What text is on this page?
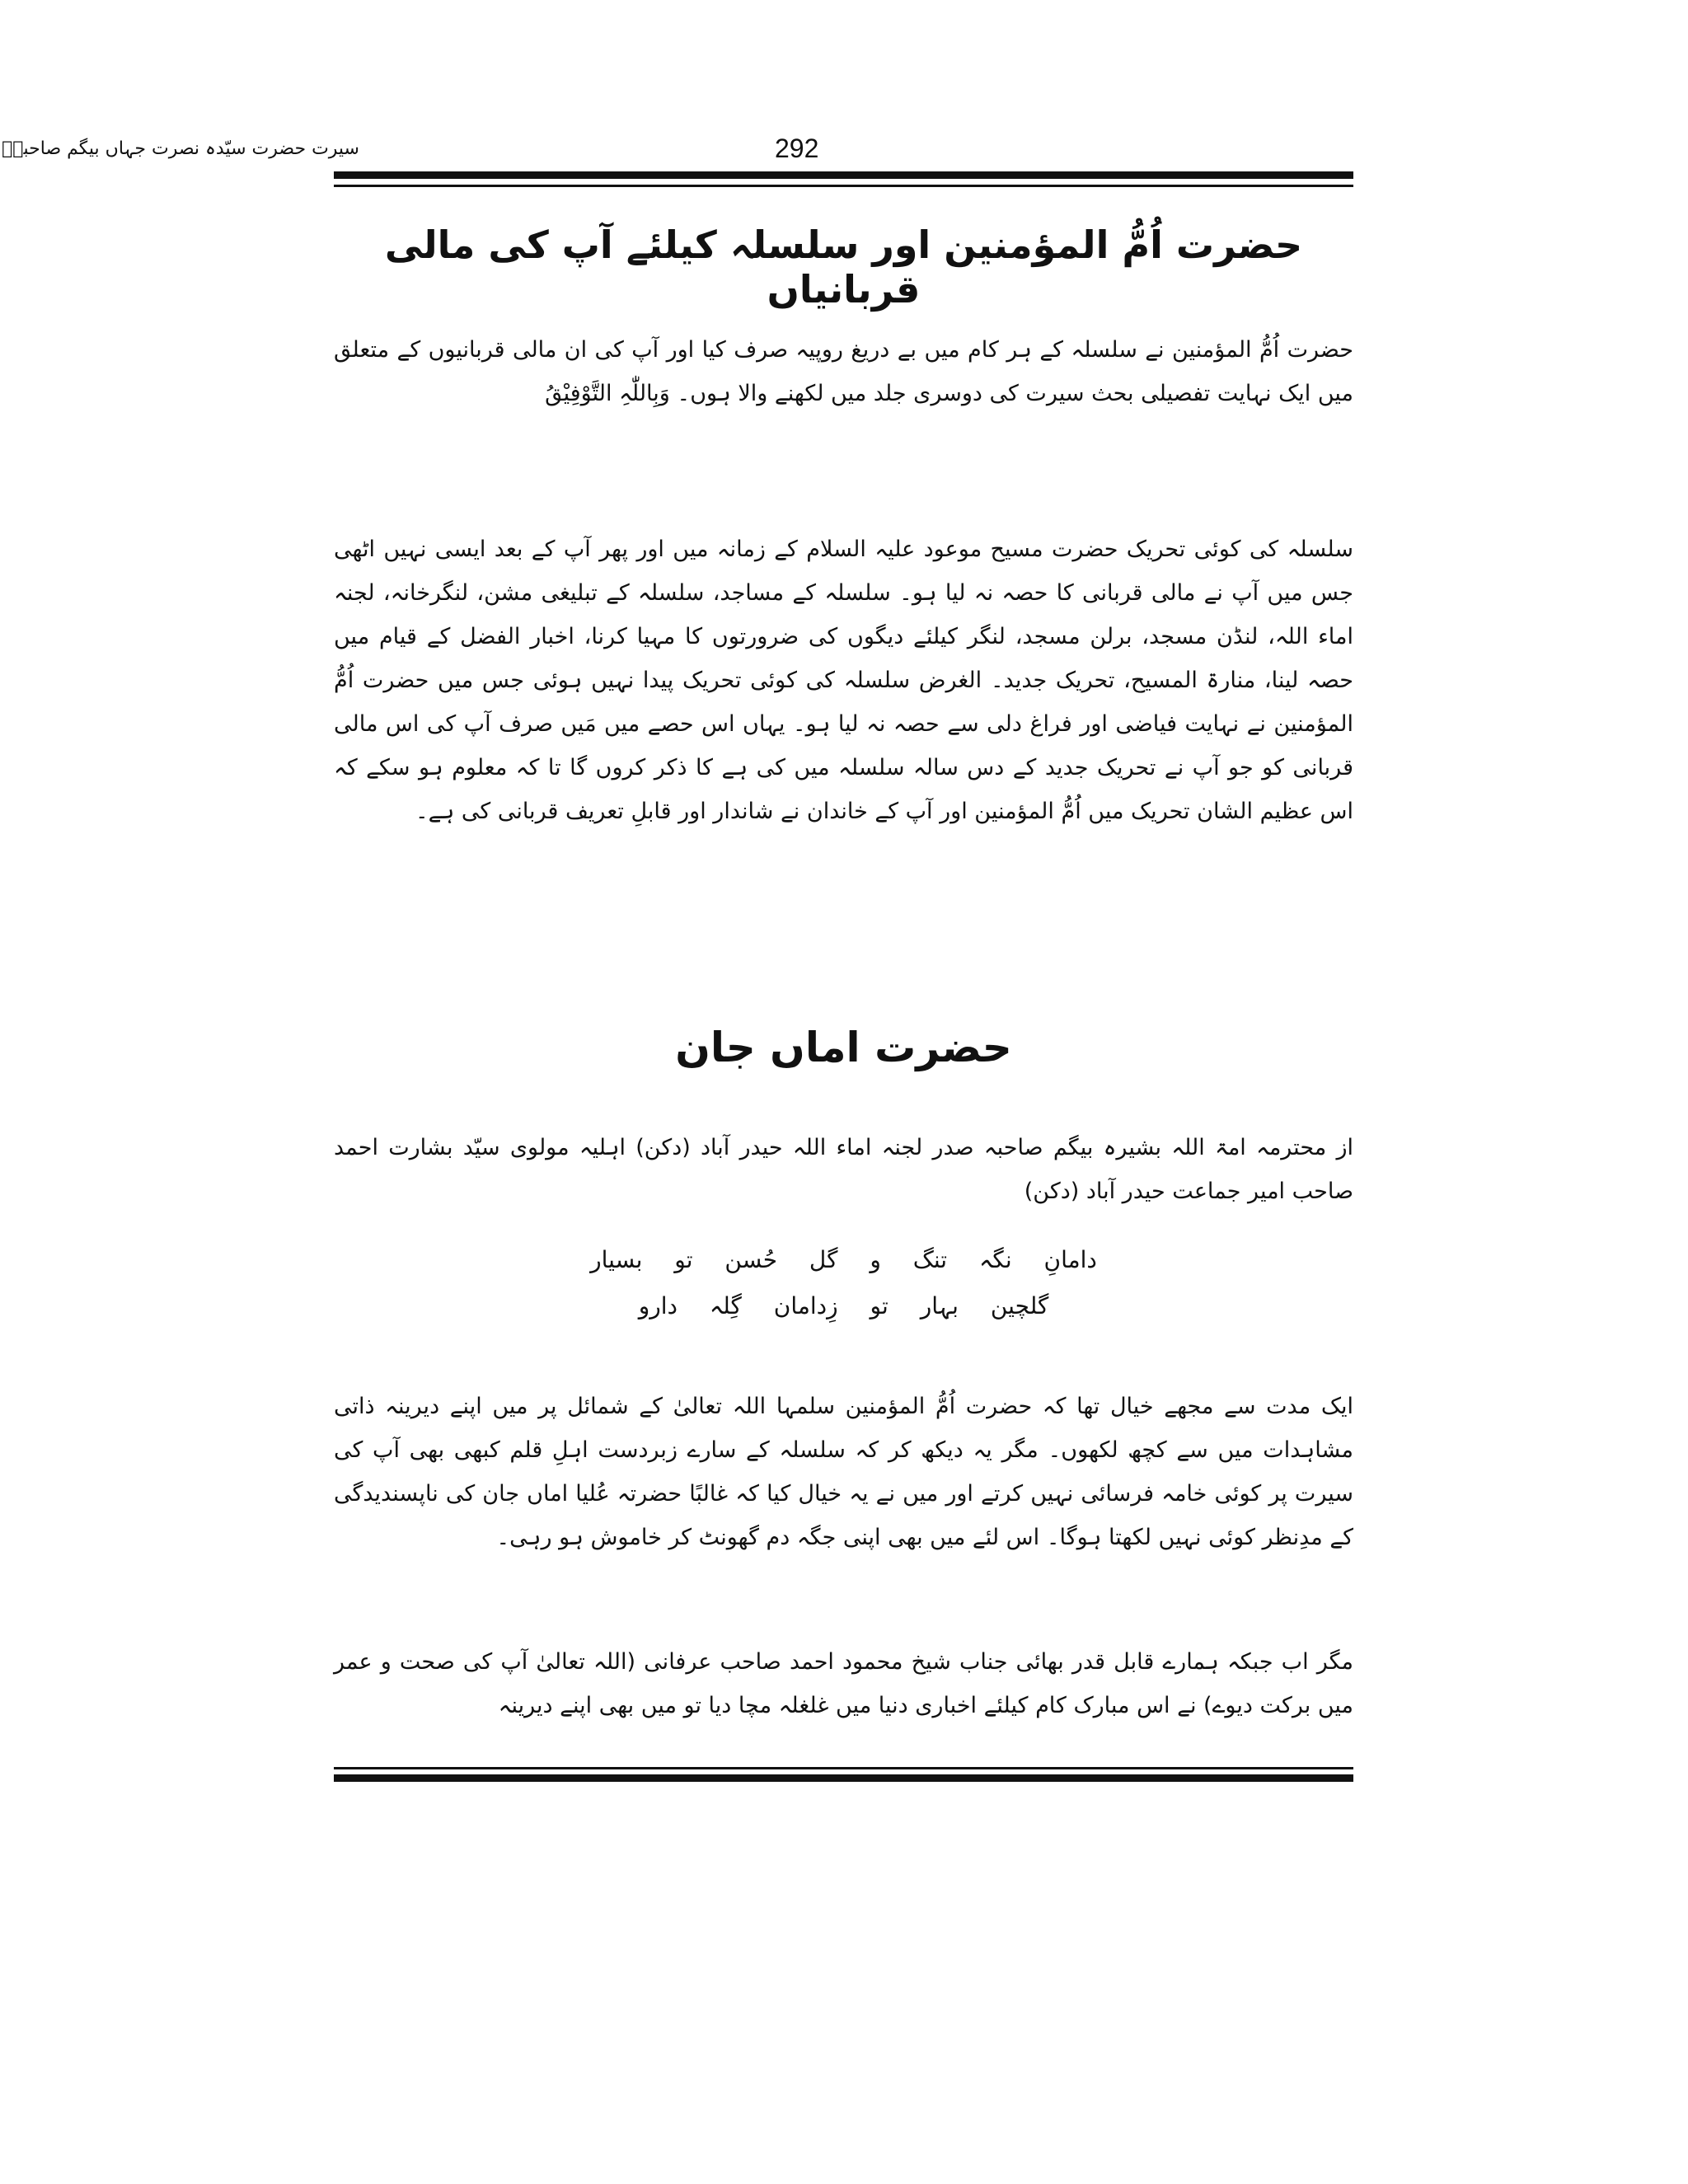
292
سیرت حضرت سیّدہ نصرت جہاں بیگم صاحبہؓ
حضرت اُمُّ المؤمنین اور سلسلہ کیلئے آپ کی مالی قربانیاں

حضرت اُمُّ المؤمنین نے سلسلہ کے ہر کام میں بے دریغ روپیہ صرف کیا اور آپ کی ان مالی قربانیوں کے متعلق میں ایک نہایت تفصیلی بحث سیرت کی دوسری جلد میں لکھنے والا ہوں۔ وَبِاللّٰہِ التَّوْفِیْقُ

سلسلہ کی کوئی تحریک حضرت مسیح موعود علیہ السلام کے زمانہ میں اور پھر آپ کے بعد ایسی نہیں اٹھی جس میں آپ نے مالی قربانی کا حصہ نہ لیا ہو۔ سلسلہ کے مساجد، سلسلہ کے تبلیغی مشن، لنگرخانہ، لجنہ اماء اللہ، لنڈن مسجد، برلن مسجد، لنگر کیلئے دیگوں کی ضرورتوں کا مہیا کرنا، اخبار الفضل کے قیام میں حصہ لینا، منارۃ المسیح، تحریک جدید۔ الغرض سلسلہ کی کوئی تحریک پیدا نہیں ہوئی جس میں حضرت اُمُّ المؤمنین نے نہایت فیاضی اور فراغ دلی سے حصہ نہ لیا ہو۔ یہاں اس حصے میں مَیں صرف آپ کی اس مالی قربانی کو جو آپ نے تحریک جدید کے دس سالہ سلسلہ میں کی ہے کا ذکر کروں گا تا کہ معلوم ہو سکے کہ اس عظیم الشان تحریک میں اُمُّ المؤمنین اور آپ کے خاندان نے شاندار اور قابلِ تعریف قربانی کی ہے۔

حضرت اماں جان

از محترمہ امۃ اللہ بشیرہ بیگم صاحبہ صدر لجنہ اماء اللہ حیدر آباد (دکن) اہلیہ مولوی سیّد بشارت احمد صاحب امیر جماعت حیدر آباد (دکن)

دامانِ نگہ تنگ و گل حُسن تو بسیار

گلچین بہار تو زِدامان گِلہ دارو

ایک مدت سے مجھے خیال تھا کہ حضرت اُمُّ المؤمنین سلمہا اللہ تعالیٰ کے شمائل پر میں اپنے دیرینہ ذاتی مشاہدات میں سے کچھ لکھوں۔ مگر یہ دیکھ کر کہ سلسلہ کے سارے زبردست اہلِ قلم کبھی بھی آپ کی سیرت پر کوئی خامہ فرسائی نہیں کرتے اور میں نے یہ خیال کیا کہ غالبًا حضرتہ عُلیا اماں جان کی ناپسندیدگی کے مدِنظر کوئی نہیں لکھتا ہوگا۔ اس لئے میں بھی اپنی جگہ دم گھونٹ کر خاموش ہو رہی۔

مگر اب جبکہ ہمارے قابل قدر بھائی جناب شیخ محمود احمد صاحب عرفانی (اللہ تعالیٰ آپ کی صحت و عمر میں برکت دیوے) نے اس مبارک کام کیلئے اخباری دنیا میں غلغلہ مچا دیا تو میں بھی اپنے دیرینہ
